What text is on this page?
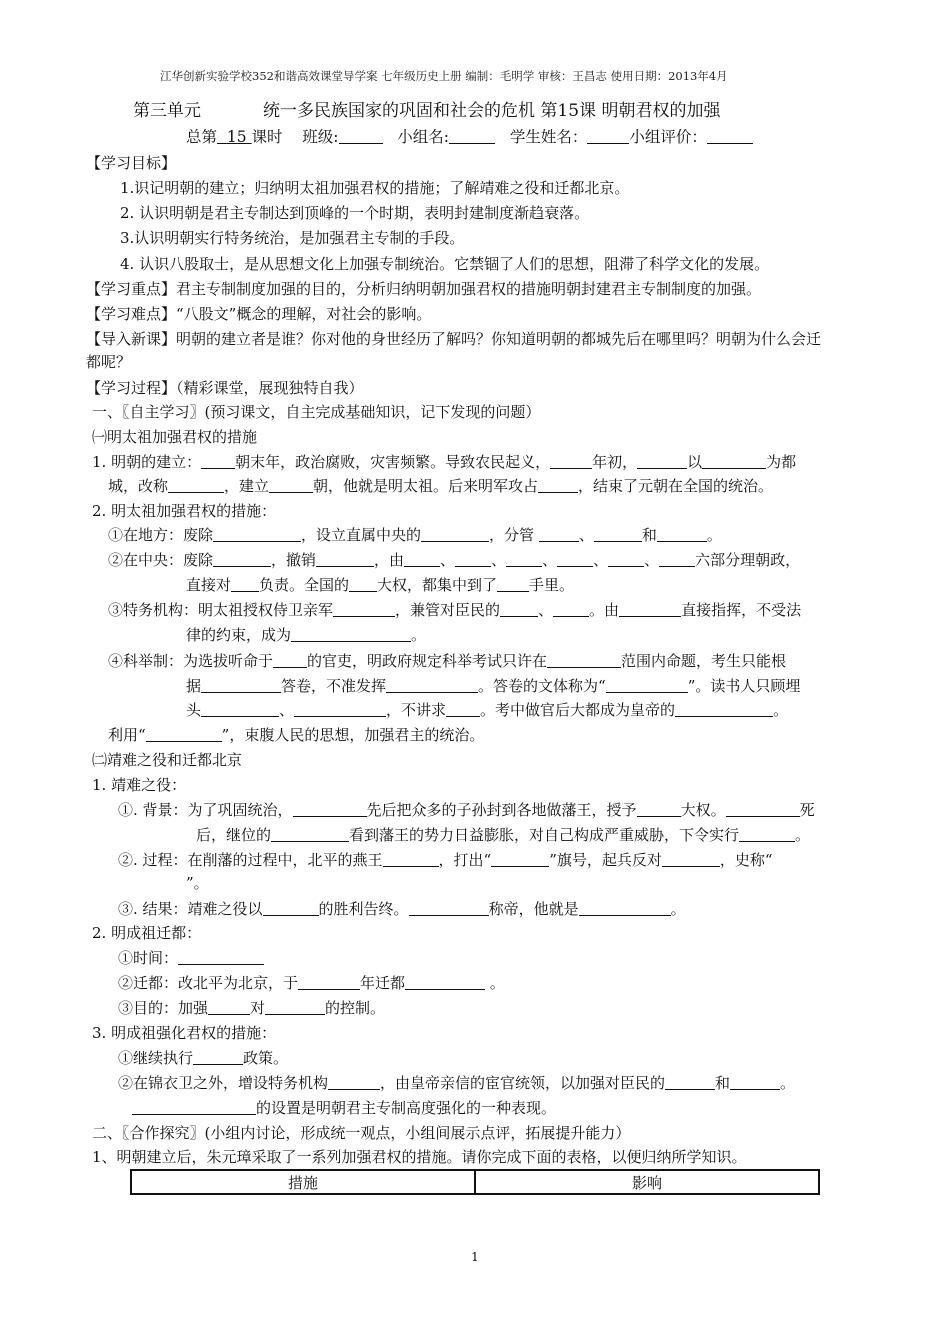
江华创新实验学校352和谐高效课堂导学案 七年级历史上册 编制：毛明学 审核：王昌志 使用日期：2013年4月
第三单元	统一多民族国家的巩固和社会的危机 第15课 明朝君权的加强
总第 15 课时 班级:	小组名:	学生姓名：	小组评价：
【学习目标】
1.识记明朝的建立；归纳明太祖加强君权的措施；了解靖难之役和迁都北京。
2. 认识明朝是君主专制达到顶峰的一个时期，表明封建制度渐趋衰落。
3.认识明朝实行特务统治，是加强君主专制的手段。
4. 认识八股取士，是从思想文化上加强专制统治。它禁锢了人们的思想，阻滞了科学文化的发展。
【学习重点】君主专制制度加强的目的，分析归纳明朝加强君权的措施明朝封建君主专制制度的加强。
【学习难点】“八股文”概念的理解，对社会的影响。
【导入新课】明朝的建立者是谁？你对他的身世经历了解吗？你知道明朝的都城先后在哪里吗？明朝为什么会迁
都呢？
【学习过程】（精彩课堂，展现独特自我）
一、〖自主学习〗(预习课文，自主完成基础知识，记下发现的问题）
㈠明太祖加强君权的措施
1. 明朝的建立： 朝末年，政治腐败，灾害频繁。导致农民起义，	年初，	以	为都
城，改称	，建立	朝，他就是明太祖。后来明军攻占	，结束了元朝在全国的统治。
2. 明太祖加强君权的措施：
①在地方：废除	，设立直属中央的	，分管	、	和	。
②在中央：废除	，撤销	，由 、 、 、 、 、 六部分理朝政，
直接对 负责。全国的 大权，都集中到了 手里。
③特务机构：明太祖授权侍卫亲军	，兼管对臣民的	、 。由	直接指挥，不受法
律的约束，成为	。
④科举制：为选拔听命于 的官吏，明政府规定科举考试只许在	范围内命题，考生只能根
据	答卷，不准发挥	。答卷的文体称为“	”。读书人只顾埋
头	、	，不讲求 。考中做官后大都成为皇帝的	。
利用“	”，束腹人民的思想，加强君主的统治。
㈡靖难之役和迁都北京
1. 靖难之役：
①. 背景：为了巩固统治，	先后把众多的子孙封到各地做藩王，授予	大权。	死
后，继位的	看到藩王的势力日益膨胀，对自己构成严重威胁，下令实行	。
②. 过程：在削藩的过程中，北平的燕王	，打出“	”旗号，起兵反对	，史称“
”。
③. 结果：靖难之役以	的胜利告终。	称帝，他就是	。
2. 明成祖迁都：
①时间：
②迁都：改北平为北京，于	年迁都	。
③目的：加强	对	的控制。
3. 明成祖强化君权的措施：
①继续执行	政策。
②在锦衣卫之外，增设特务机构	，由皇帝亲信的宦官统领，以加强对臣民的	和	。
的设置是明朝君主专制高度强化的一种表现。
二、〖合作探究〗(小组内讨论，形成统一观点，小组间展示点评，拓展提升能力）
1、明朝建立后，朱元璋采取了一系列加强君权的措施。请你完成下面的表格，以便归纳所学知识。
措施	影响
1
